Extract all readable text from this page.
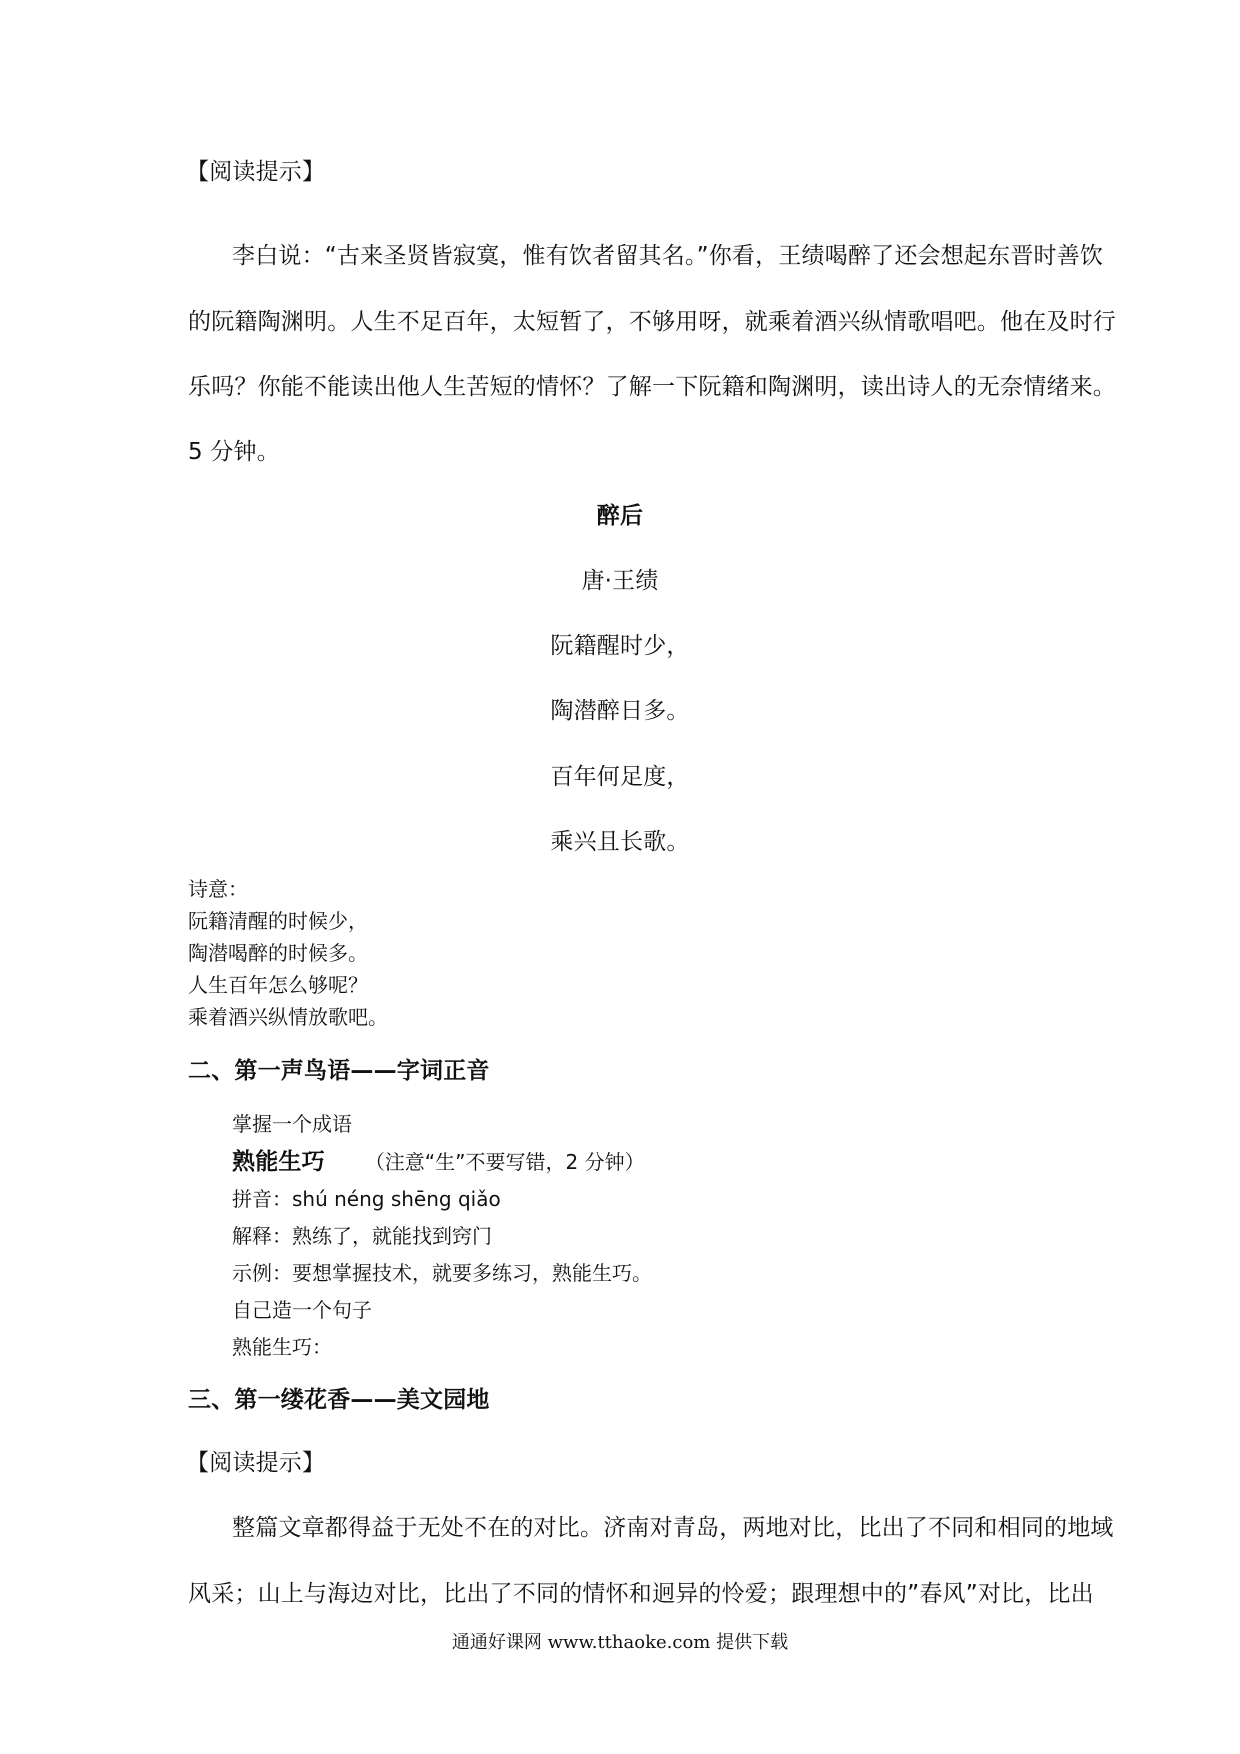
【阅读提示】
李白说：“古来圣贤皆寂寞，惟有饮者留其名。”你看，王绩喝醉了还会想起东晋时善饮
的阮籍陶渊明。人生不足百年，太短暂了，不够用呀，就乘着酒兴纵情歌唱吧。他在及时行
乐吗？你能不能读出他人生苦短的情怀？了解一下阮籍和陶渊明，读出诗人的无奈情绪来。
5 分钟。
醉后
唐·王绩
阮籍醒时少，
陶潜醉日多。
百年何足度，
乘兴且长歌。
诗意：
阮籍清醒的时候少，
陶潜喝醉的时候多。
人生百年怎么够呢？
乘着酒兴纵情放歌吧。
二、第一声鸟语——字词正音
掌握一个成语
熟能生巧 （注意“生”不要写错，2 分钟）
拼音：shú néng shēng qiǎo
解释：熟练了，就能找到窍门
示例：要想掌握技术，就要多练习，熟能生巧。
自己造一个句子
熟能生巧：
三、第一缕花香——美文园地
【阅读提示】
整篇文章都得益于无处不在的对比。济南对青岛，两地对比，比出了不同和相同的地域
风采；山上与海边对比，比出了不同的情怀和迥异的怜爱；跟理想中的”春风”对比，比出
通通好课网 www.tthaoke.com 提供下载
